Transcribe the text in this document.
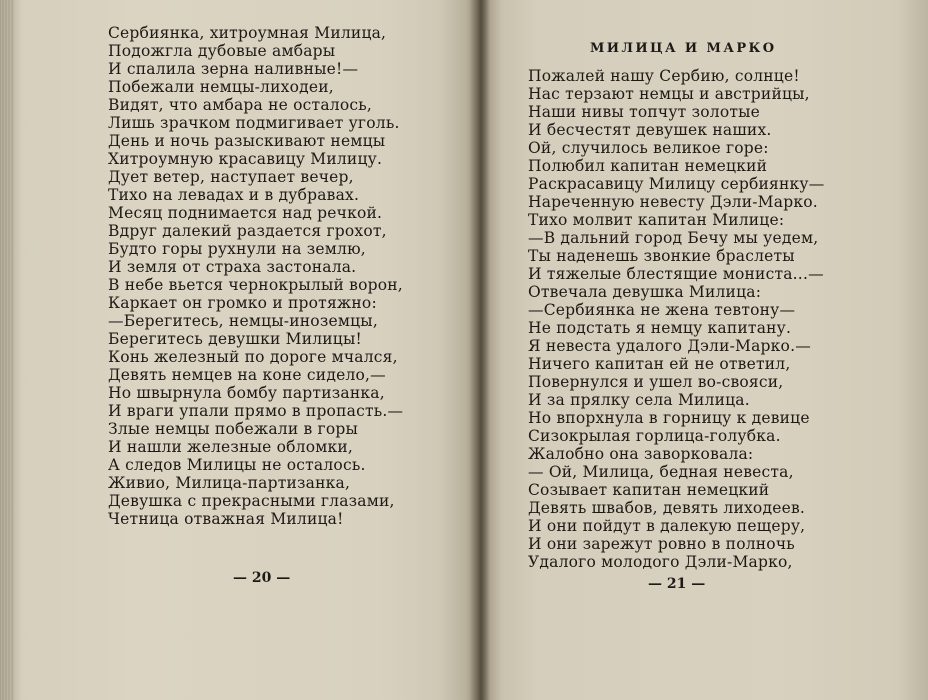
Сербиянка, хитроумная Милица,
Подожгла дубовые амбары
И спалила зерна наливные!—
Побежали немцы-лиходеи,
Видят, что амбара не осталось,
Лишь зрачком подмигивает уголь.
День и ночь разыскивают немцы
Хитроумную красавицу Милицу.
Дует ветер, наступает вечер,
Тихо на левадах и в дубравах.
Месяц поднимается над речкой.
Вдруг далекий раздается грохот,
Будто горы рухнули на землю,
И земля от страха застонала.
В небе вьется чернокрылый ворон,
Каркает он громко и протяжно:
—Берегитесь, немцы-иноземцы,
Берегитесь девушки Милицы!
Конь железный по дороге мчался,
Девять немцев на коне сидело,—
Но швырнула бомбу партизанка,
И враги упали прямо в пропасть.—
Злые немцы побежали в горы
И нашли железные обломки,
А следов Милицы не осталось.
Живио, Милица-партизанка,
Девушка с прекрасными глазами,
Четница отважная Милица!
— 20 —
МИЛИЦА И МАРКО
Пожалей нашу Сербию, солнце!
Нас терзают немцы и австрийцы,
Наши нивы топчут золотые
И бесчестят девушек наших.
Ой, случилось великое горе:
Полюбил капитан немецкий
Раскрасавицу Милицу сербиянку—
Нареченную невесту Дэли-Марко.
Тихо молвит капитан Милице:
—В дальний город Бечу мы уедем,
Ты наденешь звонкие браслеты
И тяжелые блестящие мониста...—
Отвечала девушка Милица:
—Сербиянка не жена тевтону—
Не подстать я немцу капитану.
Я невеста удалого Дэли-Марко.—
Ничего капитан ей не ответил,
Повернулся и ушел во-свояси,
И за прялку села Милица.
Но впорхнула в горницу к девице
Сизокрылая горлица-голубка.
Жалобно она заворковала:
— Ой, Милица, бедная невеста,
Созывает капитан немецкий
Девять швабов, девять лиходеев.
И они пойдут в далекую пещеру,
И они зарежут ровно в полночь
Удалого молодого Дэли-Марко,
— 21 —
